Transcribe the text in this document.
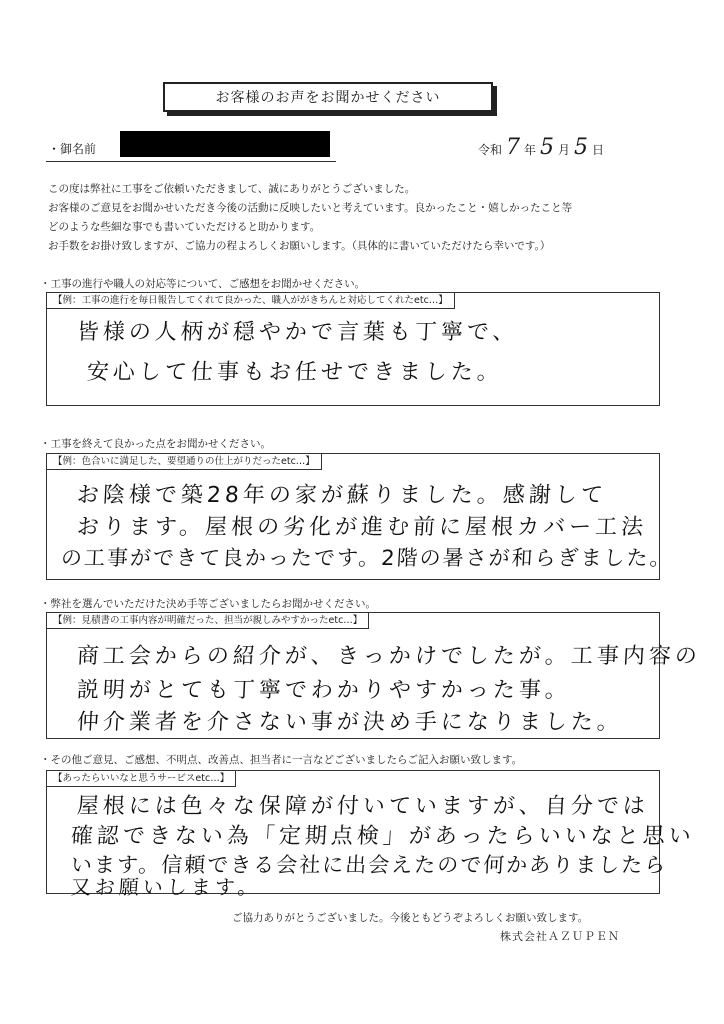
お客様のお声をお聞かせください
・御名前	令和 7 年 5 月 5 日
この度は弊社に工事をご依頼いただきまして、誠にありがとうございました。
お客様のご意見をお聞かせいただき今後の活動に反映したいと考えています。良かったこと・嬉しかったこと等
どのような些細な事でも書いていただけると助かります。
お手数をお掛け致しますが、ご協力の程よろしくお願いします。（具体的に書いていただけたら幸いです。）
・工事の進行や職人の対応等について、ご感想をお聞かせください。
【例：工事の進行を毎日報告してくれて良かった、職人ががきちんと対応してくれたetc…】
皆様の人柄が穏やかで言葉も丁寧で、
安心して仕事もお任せできました。
・工事を終えて良かった点をお聞かせください。
【例：色合いに満足した、要望通りの仕上がりだったetc…】
お陰様で築28年の家が蘇りました。感謝して
おります。屋根の劣化が進む前に屋根カバー工法
の工事ができて良かったです。2階の暑さが和らぎました。
・弊社を選んでいただけた決め手等ございましたらお聞かせください。
【例：見積書の工事内容が明確だった、担当が親しみやすかったetc…】
商工会からの紹介が、きっかけでしたが。工事内容の
説明がとても丁寧でわかりやすかった事。
仲介業者を介さない事が決め手になりました。
・その他ご意見、ご感想、不明点、改善点、担当者に一言などございましたらご記入お願い致します。
【あったらいいなと思うサービスetc…】
屋根には色々な保障が付いていますが、自分では
確認できない為「定期点検」があったらいいなと思い
います。信頼できる会社に出会えたので何かありましたら
又お願いします。
ご協力ありがとうございました。今後ともどうぞよろしくお願い致します。
株式会社ＡＺＵＰＥＮ
